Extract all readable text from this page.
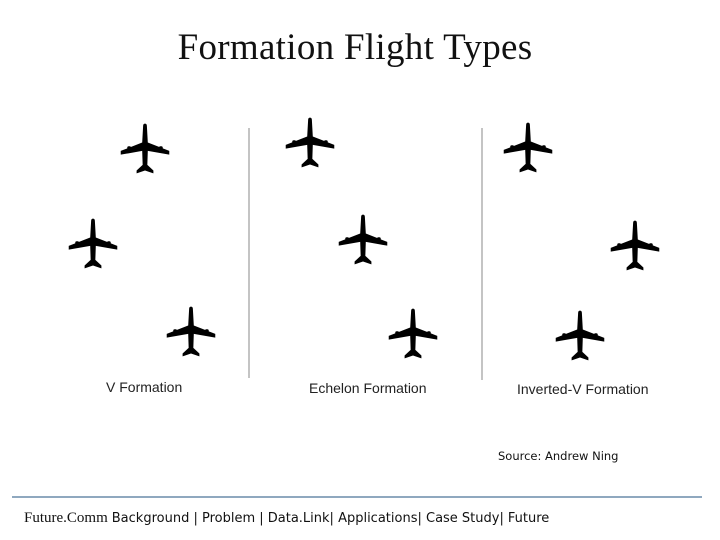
Formation Flight Types
V Formation	Echelon Formation	Inverted-V Formation
Source: Andrew Ning
Future.Comm Background | Problem | Data.Link| Applications| Case Study| Future
